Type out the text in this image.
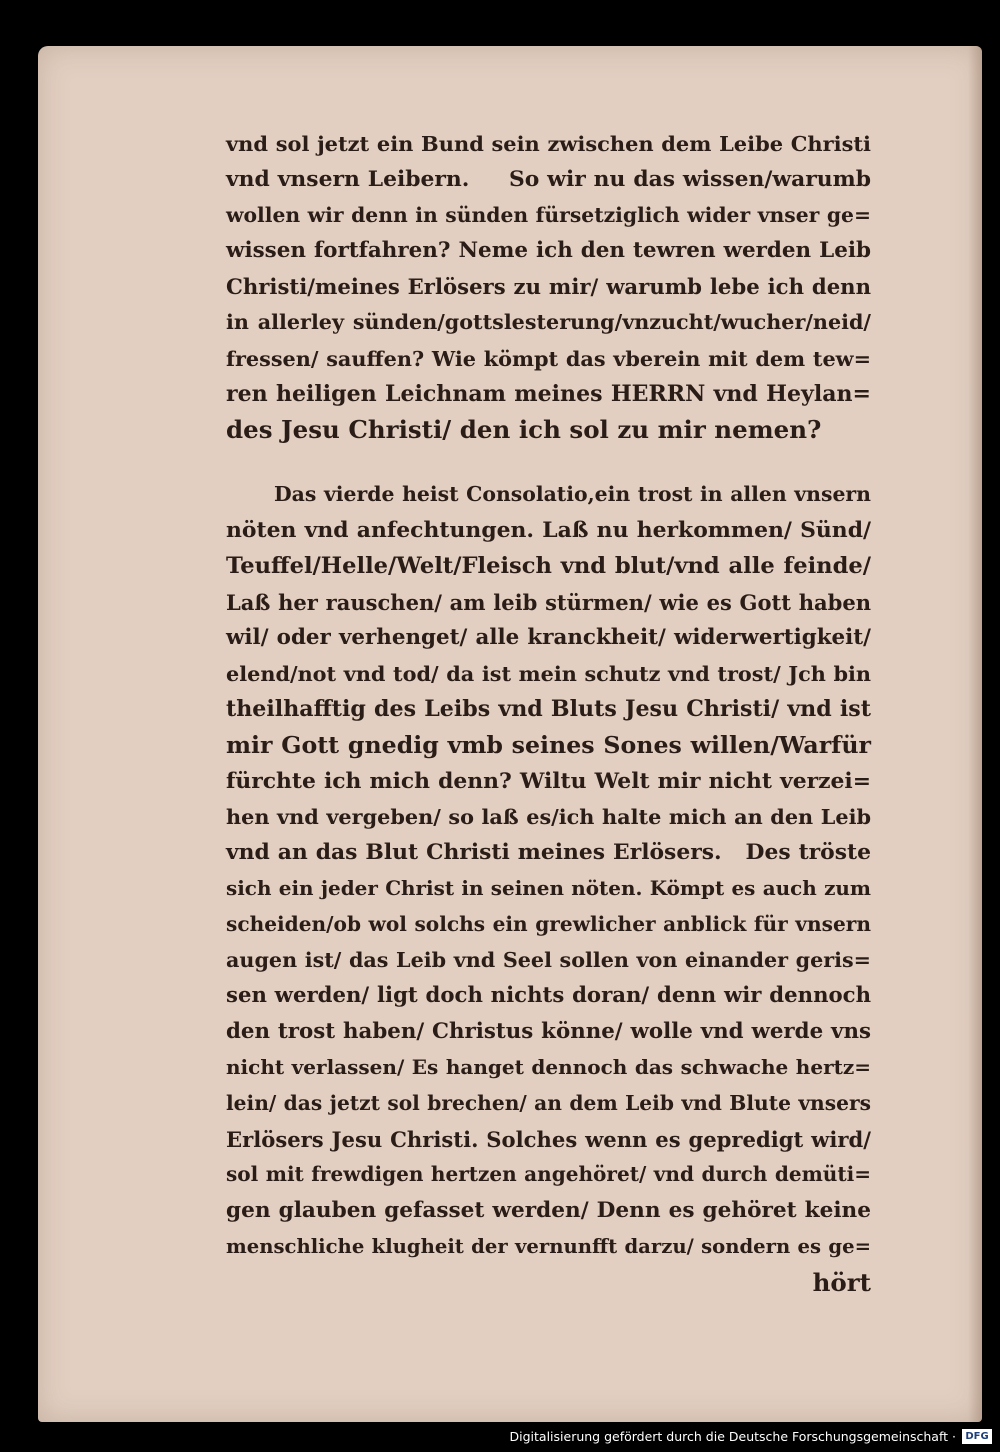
vnd sol jetzt ein Bund sein zwischen dem Leibe Christi
vnd vnsern Leibern.     So wir nu das wissen/warumb
wollen wir denn in sünden fürsetziglich wider vnser ge=
wissen fortfahren? Neme ich den tewren werden Leib
Christi/meines Erlösers zu mir/ warumb lebe ich denn
in allerley sünden/gottslesterung/vnzucht/wucher/neid/
fressen/ sauffen? Wie kömpt das vberein mit dem tew=
ren heiligen Leichnam meines HERRN vnd Heylan=
des Jesu Christi/ den ich sol zu mir nemen?

Das vierde heist Consolatio,ein trost in allen vnsern
nöten vnd anfechtungen. Laß nu herkommen/ Sünd/
Teuffel/Helle/Welt/Fleisch vnd blut/vnd alle feinde/
Laß her rauschen/ am leib stürmen/ wie es Gott haben
wil/ oder verhenget/ alle kranckheit/ widerwertigkeit/
elend/not vnd tod/ da ist mein schutz vnd trost/ Jch bin
theilhafftig des Leibs vnd Bluts Jesu Christi/ vnd ist
mir Gott gnedig vmb seines Sones willen/Warfür
fürchte ich mich denn? Wiltu Welt mir nicht verzei=
hen vnd vergeben/ so laß es/ich halte mich an den Leib
vnd an das Blut Christi meines Erlösers.   Des tröste
sich ein jeder Christ in seinen nöten. Kömpt es auch zum
scheiden/ob wol solchs ein grewlicher anblick für vnsern
augen ist/ das Leib vnd Seel sollen von einander geris=
sen werden/ ligt doch nichts doran/ denn wir dennoch
den trost haben/ Christus könne/ wolle vnd werde vns
nicht verlassen/ Es hanget dennoch das schwache hertz=
lein/ das jetzt sol brechen/ an dem Leib vnd Blute vnsers
Erlösers Jesu Christi. Solches wenn es gepredigt wird/
sol mit frewdigen hertzen angehöret/ vnd durch demüti=
gen glauben gefasset werden/ Denn es gehöret keine
menschliche klugheit der vernunfft darzu/ sondern es ge=
hört

Digitalisierung gefördert durch die Deutsche Forschungsgemeinschaft · DFG
